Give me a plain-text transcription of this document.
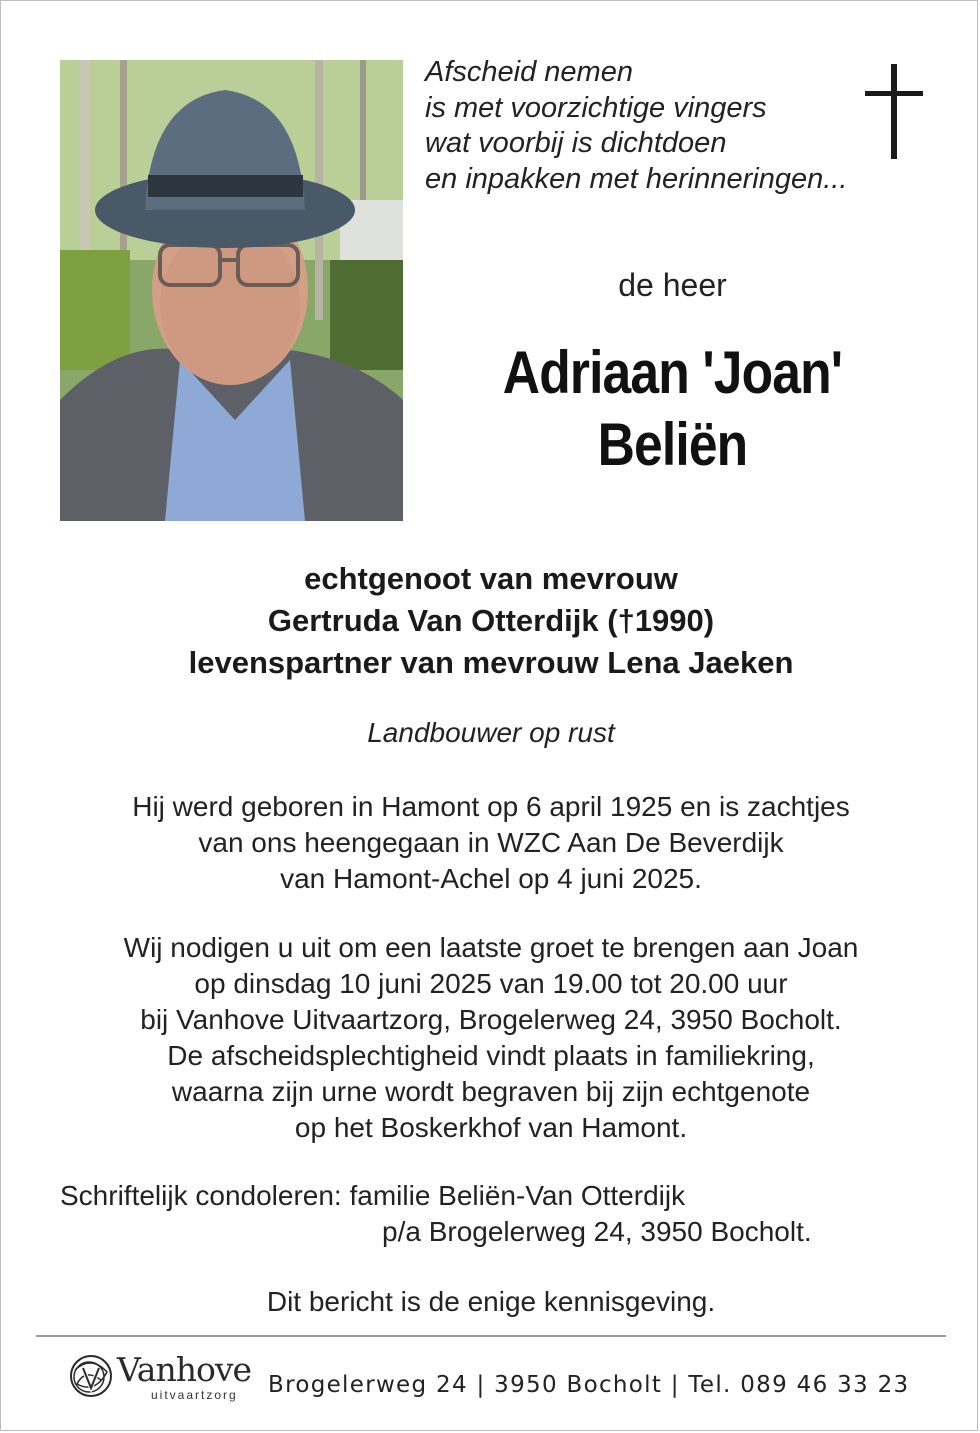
Afscheid nemen
is met voorzichtige vingers
wat voorbij is dichtdoen
en inpakken met herinneringen...
de heer
Adriaan 'Joan'
Beliën
echtgenoot van mevrouw
Gertruda Van Otterdijk (†1990)
levenspartner van mevrouw Lena Jaeken
Landbouwer op rust
Hij werd geboren in Hamont op 6 april 1925 en is zachtjes
van ons heengegaan in WZC Aan De Beverdijk
van Hamont-Achel op 4 juni 2025.
Wij nodigen u uit om een laatste groet te brengen aan Joan
op dinsdag 10 juni 2025 van 19.00 tot 20.00 uur
bij Vanhove Uitvaartzorg, Brogelerweg 24, 3950 Bocholt.
De afscheidsplechtigheid vindt plaats in familiekring,
waarna zijn urne wordt begraven bij zijn echtgenote
op het Boskerkhof van Hamont.
Schriftelijk condoleren: familie Beliën-Van Otterdijk
p/a Brogelerweg 24, 3950 Bocholt.
Dit bericht is de enige kennisgeving.
Vanhove
uitvaartzorg Brogelerweg 24 | 3950 Bocholt | Tel. 089 46 33 23
